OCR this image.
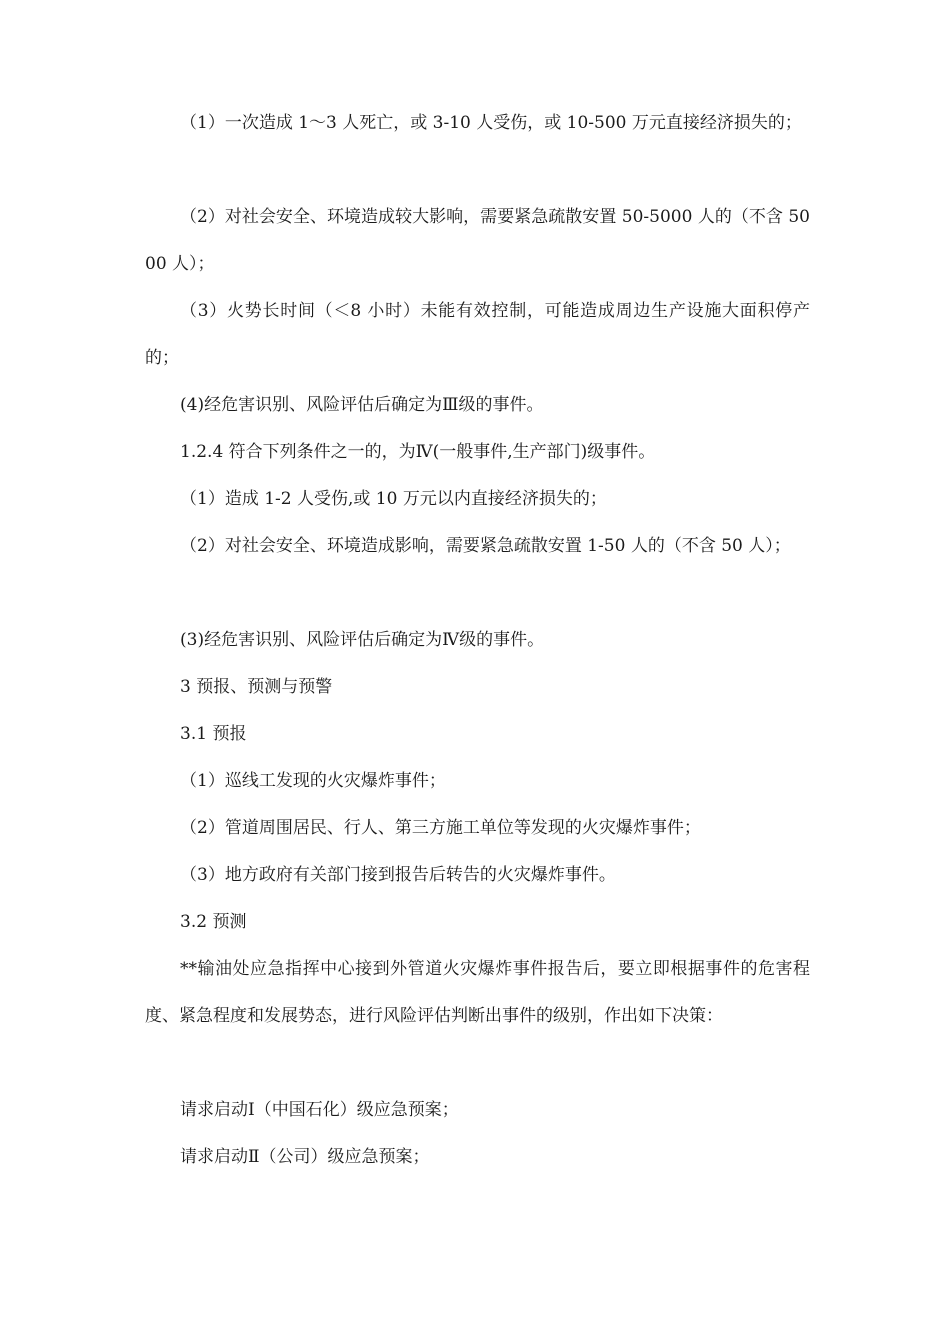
（1）一次造成 1～3 人死亡，或 3-10 人受伤，或 10-500 万元直接经济损失的；

（2）对社会安全、环境造成较大影响，需要紧急疏散安置 50-5000 人的（不含 5000 人）；

（3）火势长时间（＜8 小时）未能有效控制，可能造成周边生产设施大面积停产的；

(4)经危害识别、风险评估后确定为Ⅲ级的事件。

1.2.4 符合下列条件之一的，为Ⅳ(一般事件,生产部门)级事件。

（1）造成 1-2 人受伤,或 10 万元以内直接经济损失的；

（2）对社会安全、环境造成影响，需要紧急疏散安置 1-50 人的（不含 50 人）；

(3)经危害识别、风险评估后确定为Ⅳ级的事件。

3 预报、预测与预警

3.1 预报

（1）巡线工发现的火灾爆炸事件；

（2）管道周围居民、行人、第三方施工单位等发现的火灾爆炸事件；

（3）地方政府有关部门接到报告后转告的火灾爆炸事件。

3.2 预测

**输油处应急指挥中心接到外管道火灾爆炸事件报告后，要立即根据事件的危害程度、紧急程度和发展势态，进行风险评估判断出事件的级别，作出如下决策：

请求启动Ⅰ（中国石化）级应急预案；

请求启动Ⅱ（公司）级应急预案；
